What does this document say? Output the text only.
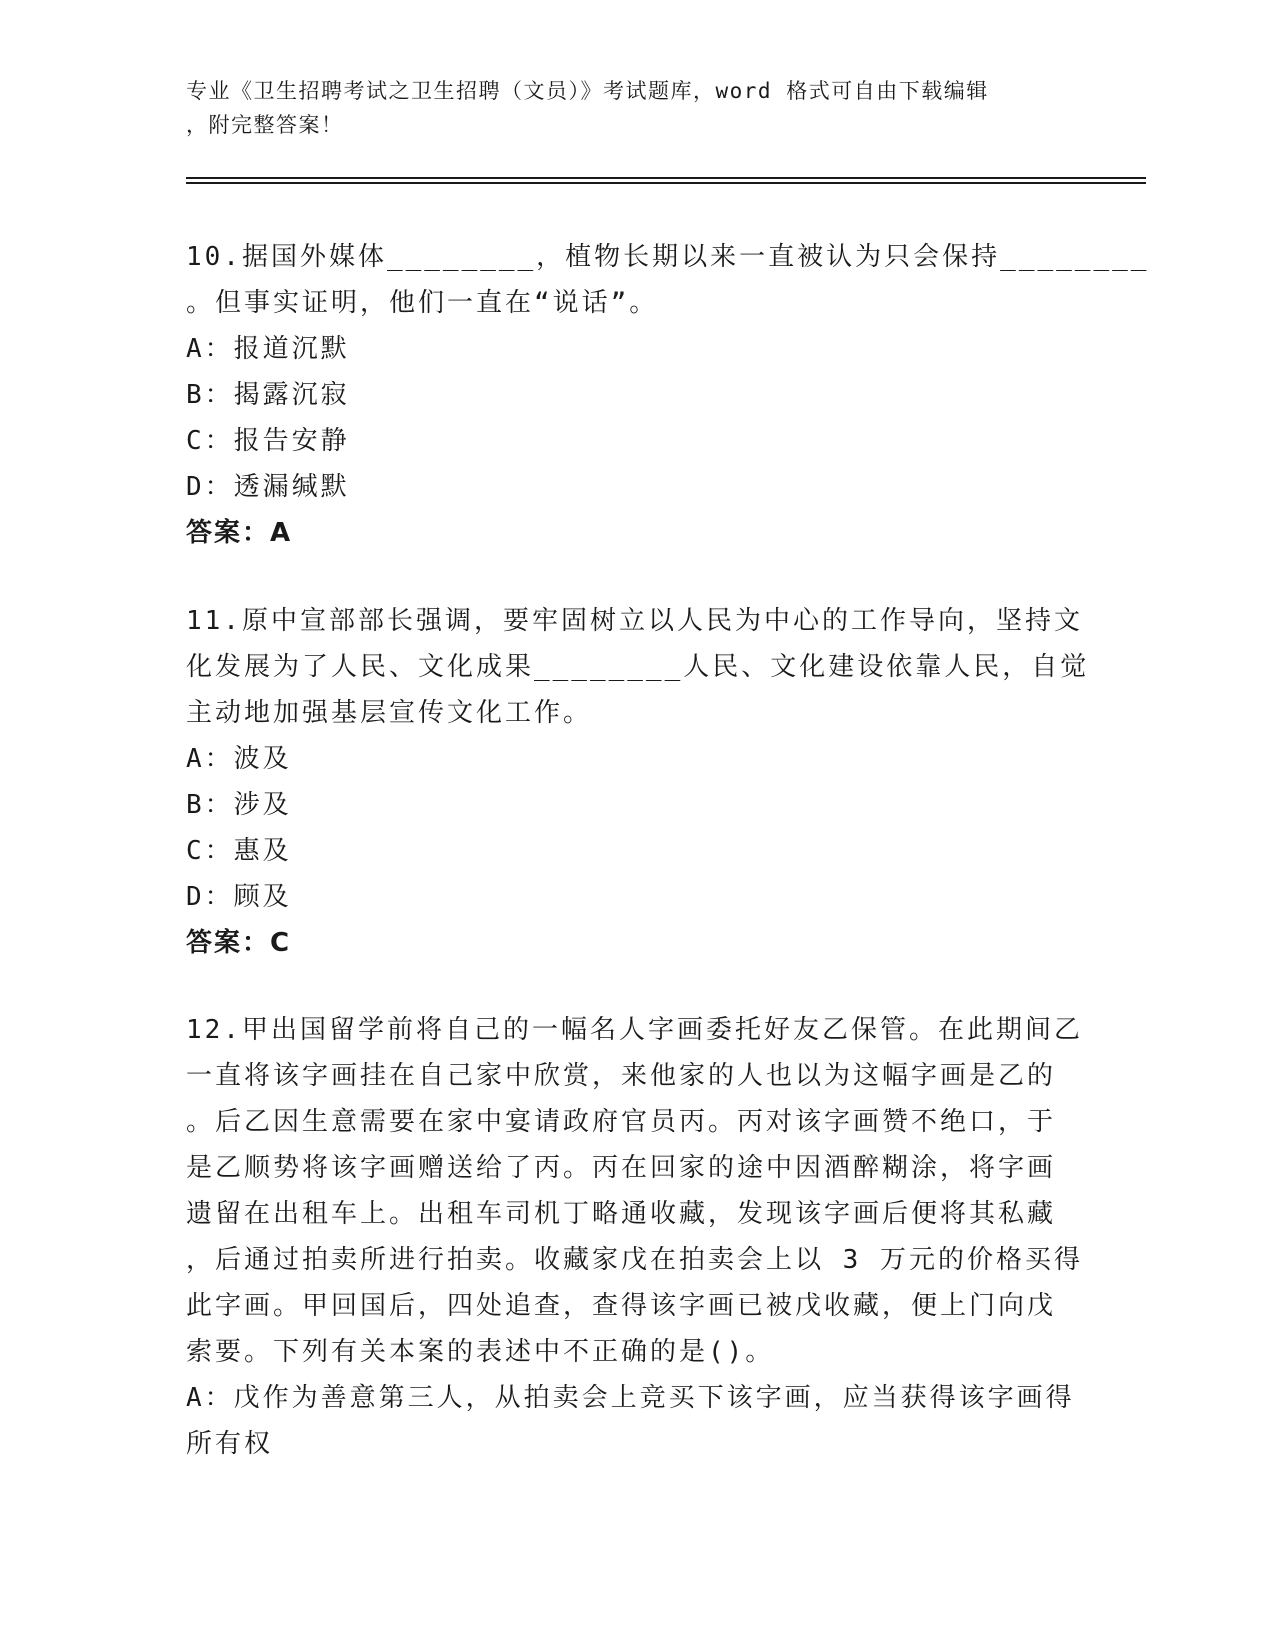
专业《卫生招聘考试之卫生招聘（文员）》考试题库，word 格式可自由下载编辑
，附完整答案！
10.据国外媒体________，植物长期以来一直被认为只会保持________
。但事实证明，他们一直在“说话”。
A：报道沉默
B：揭露沉寂
C：报告安静
D：透漏缄默
答案：A
11.原中宣部部长强调，要牢固树立以人民为中心的工作导向，坚持文
化发展为了人民、文化成果________人民、文化建设依靠人民，自觉
主动地加强基层宣传文化工作。
A：波及
B：涉及
C：惠及
D：顾及
答案：C
12.甲出国留学前将自己的一幅名人字画委托好友乙保管。在此期间乙
一直将该字画挂在自己家中欣赏，来他家的人也以为这幅字画是乙的
。后乙因生意需要在家中宴请政府官员丙。丙对该字画赞不绝口，于
是乙顺势将该字画赠送给了丙。丙在回家的途中因酒醉糊涂，将字画
遗留在出租车上。出租车司机丁略通收藏，发现该字画后便将其私藏
，后通过拍卖所进行拍卖。收藏家戊在拍卖会上以 3 万元的价格买得
此字画。甲回国后，四处追查，查得该字画已被戊收藏，便上门向戊
索要。下列有关本案的表述中不正确的是()。
A：戊作为善意第三人，从拍卖会上竞买下该字画，应当获得该字画得
所有权
